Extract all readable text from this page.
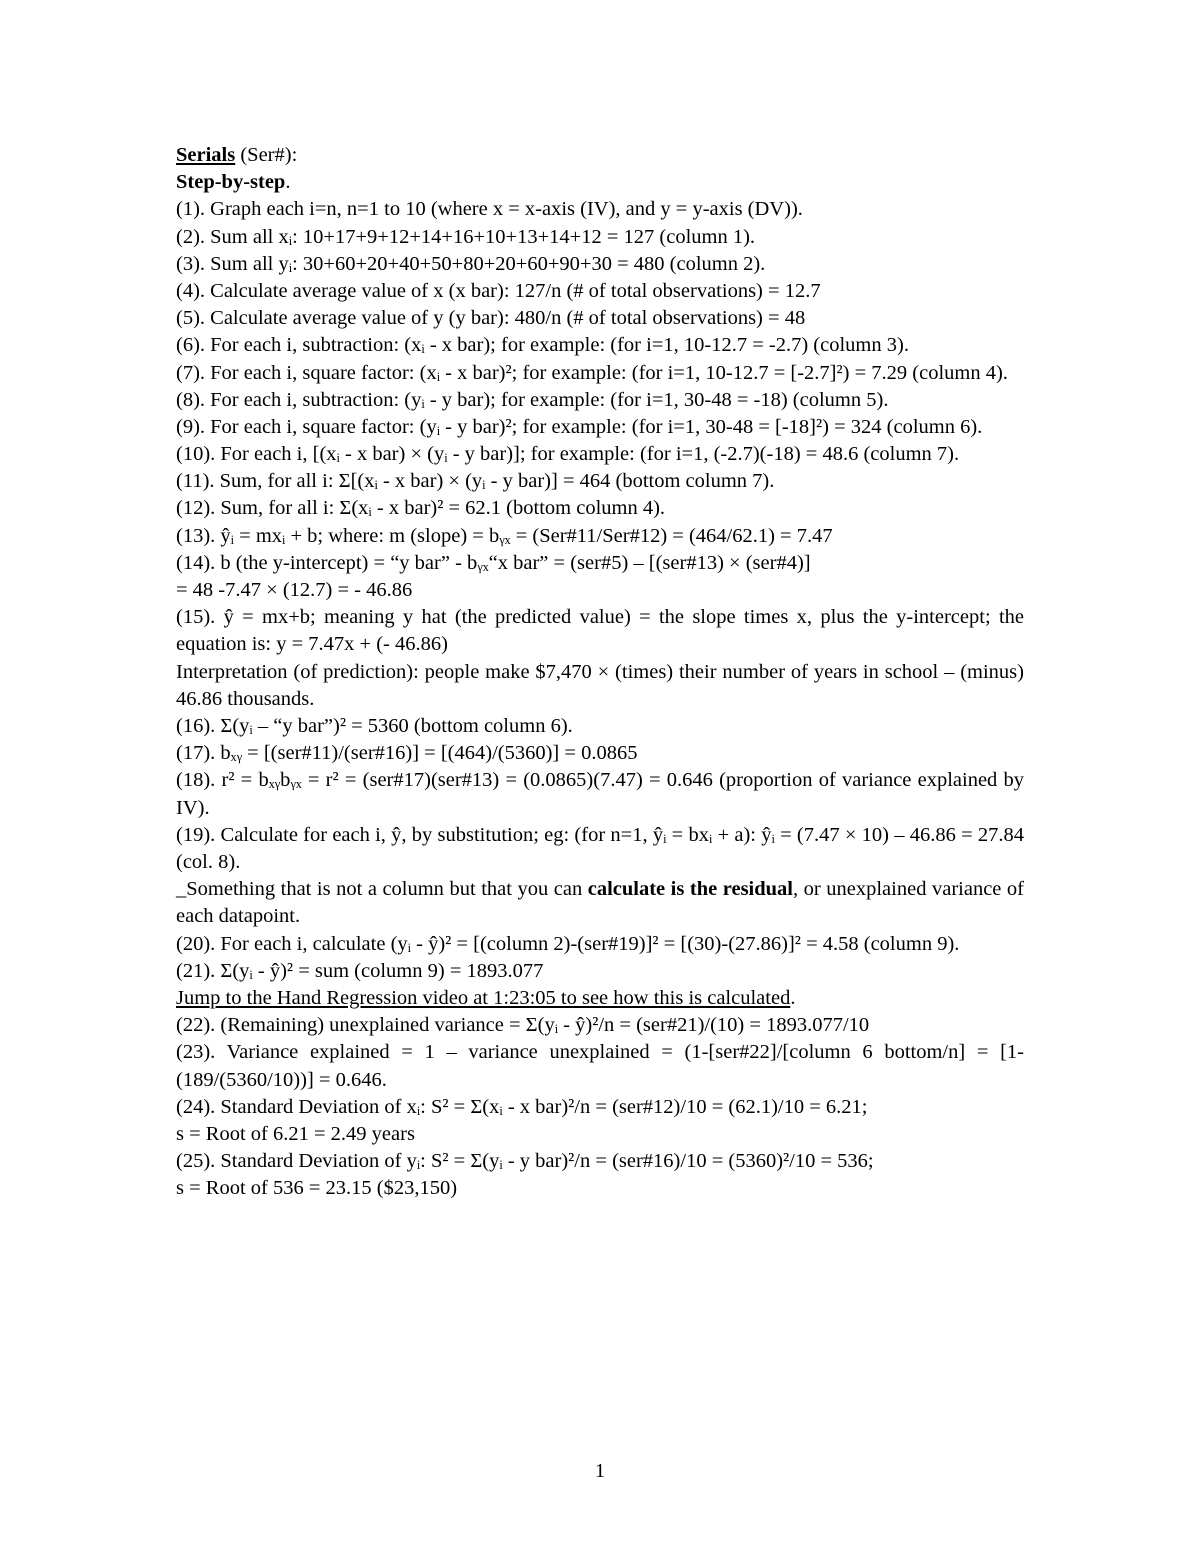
Serials (Ser#):

Step-by-step.

(1). Graph each i=n, n=1 to 10 (where x = x-axis (IV), and y = y-axis (DV)).

(2). Sum all xᵢ: 10+17+9+12+14+16+10+13+14+12 = 127 (column 1).

(3). Sum all yᵢ: 30+60+20+40+50+80+20+60+90+30 = 480 (column 2).

(4). Calculate average value of x (x bar): 127/n (# of total observations) = 12.7

(5). Calculate average value of y (y bar): 480/n (# of total observations) = 48

(6). For each i, subtraction: (xᵢ - x bar); for example: (for i=1, 10-12.7 = -2.7) (column 3).

(7). For each i, square factor: (xᵢ - x bar)²; for example: (for i=1, 10-12.7 = [-2.7]²) = 7.29 (column 4).

(8). For each i, subtraction: (yᵢ - y bar); for example: (for i=1, 30-48 = -18) (column 5).

(9). For each i, square factor: (yᵢ - y bar)²; for example: (for i=1, 30-48 = [-18]²) = 324 (column 6).

(10). For each i, [(xᵢ - x bar) × (yᵢ - y bar)]; for example: (for i=1, (-2.7)(-18) = 48.6 (column 7).

(11). Sum, for all i: Σ[(xᵢ - x bar) × (yᵢ - y bar)] = 464 (bottom column 7).

(12). Sum, for all i: Σ(xᵢ - x bar)² = 62.1 (bottom column 4).

(13). ŷᵢ = mxᵢ + b; where: m (slope) = bᵧₓ = (Ser#11/Ser#12) = (464/62.1) = 7.47

(14). b (the y-intercept) = “y bar” - bᵧₓ“x bar” = (ser#5) – [(ser#13) × (ser#4)]

= 48 -7.47 × (12.7) = - 46.86

(15). ŷ = mx+b; meaning y hat (the predicted value) = the slope times x, plus the y-intercept; the equation is: y = 7.47x + (- 46.86)

Interpretation (of prediction): people make $7,470 × (times) their number of years in school – (minus) 46.86 thousands.

(16). Σ(yᵢ – “y bar”)² = 5360 (bottom column 6).

(17). bₓᵧ = [(ser#11)/(ser#16)] = [(464)/(5360)] = 0.0865

(18). r² = bₓᵧbᵧₓ = r² = (ser#17)(ser#13) = (0.0865)(7.47) = 0.646 (proportion of variance explained by IV).

(19). Calculate for each i, ŷ, by substitution; eg: (for n=1, ŷᵢ = bxᵢ + a): ŷᵢ = (7.47 × 10) – 46.86 = 27.84 (col. 8).

_Something that is not a column but that you can calculate is the residual, or unexplained variance of each datapoint.

(20). For each i, calculate (yᵢ - ŷ)² = [(column 2)-(ser#19)]² = [(30)-(27.86)]² = 4.58 (column 9).

(21). Σ(yᵢ - ŷ)² = sum (column 9) = 1893.077

Jump to the Hand Regression video at 1:23:05 to see how this is calculated.

(22). (Remaining) unexplained variance = Σ(yᵢ - ŷ)²/n = (ser#21)/(10) = 1893.077/10

(23). Variance explained = 1 – variance unexplained = (1-[ser#22]/[column 6 bottom/n] = [1-(189/(5360/10))] = 0.646.

(24). Standard Deviation of xᵢ: S² = Σ(xᵢ - x bar)²/n = (ser#12)/10 = (62.1)/10 = 6.21;

s = Root of 6.21 = 2.49 years

(25). Standard Deviation of yᵢ: S² = Σ(yᵢ - y bar)²/n = (ser#16)/10 = (5360)²/10 = 536;

s = Root of 536 = 23.15 ($23,150)

1
